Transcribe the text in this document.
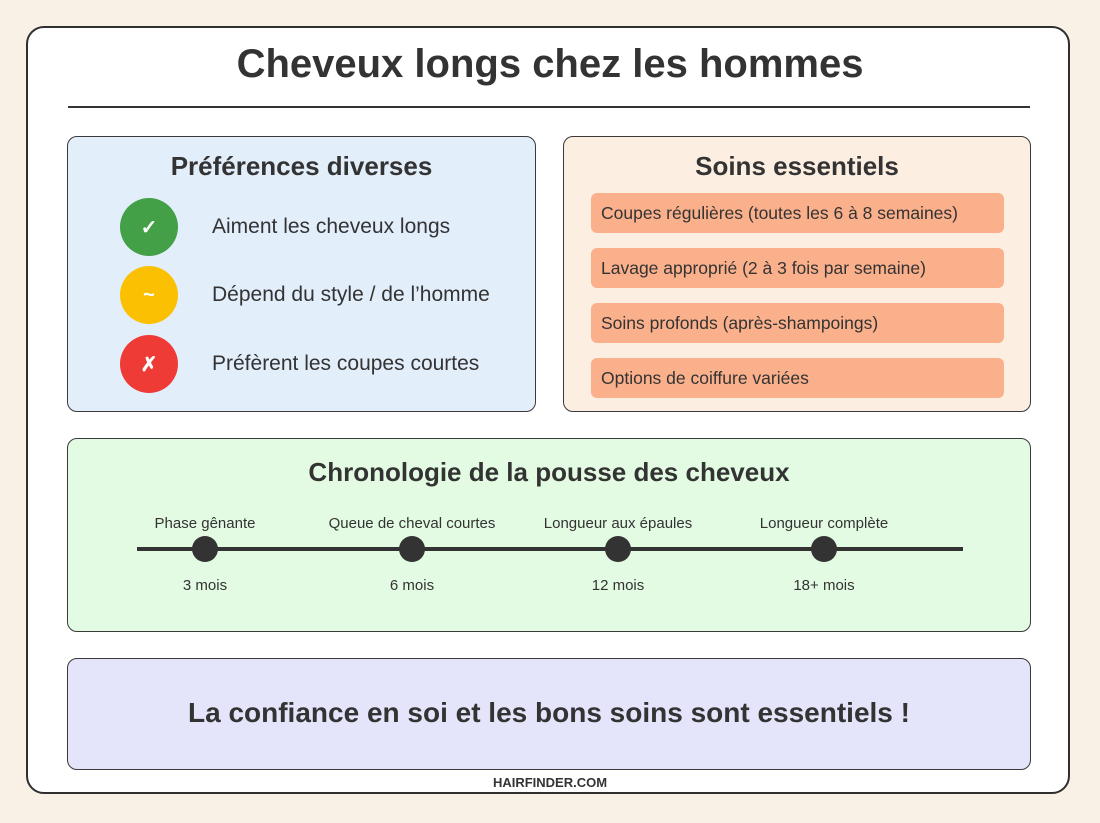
Cheveux longs chez les hommes
Préférences diverses
✓	Aiment les cheveux longs
~	Dépend du style / de l’homme
✗	Préfèrent les coupes courtes
Soins essentiels
Coupes régulières (toutes les 6 à 8 semaines)
Lavage approprié (2 à 3 fois par semaine)
Soins profonds (après-shampoings)
Options de coiffure variées
Chronologie de la pousse des cheveux
Phase gênante
3 mois
Queue de cheval courtes
6 mois
Longueur aux épaules
12 mois
Longueur complète
18+ mois
La confiance en soi et les bons soins sont essentiels !
HAIRFINDER.COM
